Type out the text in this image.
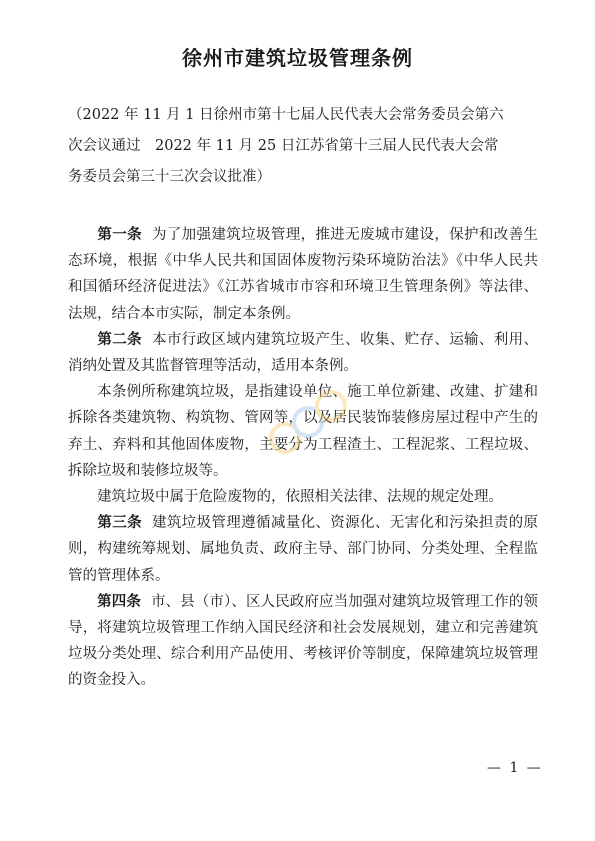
徐州市建筑垃圾管理条例
（2022 年 11 月 1 日徐州市第十七届人民代表大会常务委员会第六
次会议通过　2022 年 11 月 25 日江苏省第十三届人民代表大会常
务委员会第三十三次会议批准）

第一条 为了加强建筑垃圾管理，推进无废城市建设，保护和改善生态环境，根据《中华人民共和国固体废物污染环境防治法》《中华人民共和国循环经济促进法》《江苏省城市市容和环境卫生管理条例》等法律、法规，结合本市实际，制定本条例。

第二条 本市行政区域内建筑垃圾产生、收集、贮存、运输、利用、消纳处置及其监督管理等活动，适用本条例。

本条例所称建筑垃圾，是指建设单位、施工单位新建、改建、扩建和拆除各类建筑物、构筑物、管网等，以及居民装饰装修房屋过程中产生的弃土、弃料和其他固体废物，主要分为工程渣土、工程泥浆、工程垃圾、拆除垃圾和装修垃圾等。

建筑垃圾中属于危险废物的，依照相关法律、法规的规定处理。

第三条 建筑垃圾管理遵循减量化、资源化、无害化和污染担责的原则，构建统筹规划、属地负责、政府主导、部门协同、分类处理、全程监管的管理体系。

第四条 市、县（市）、区人民政府应当加强对建筑垃圾管理工作的领导，将建筑垃圾管理工作纳入国民经济和社会发展规划，建立和完善建筑垃圾分类处理、综合利用产品使用、考核评价等制度，保障建筑垃圾管理的资金投入。

— 1 —
